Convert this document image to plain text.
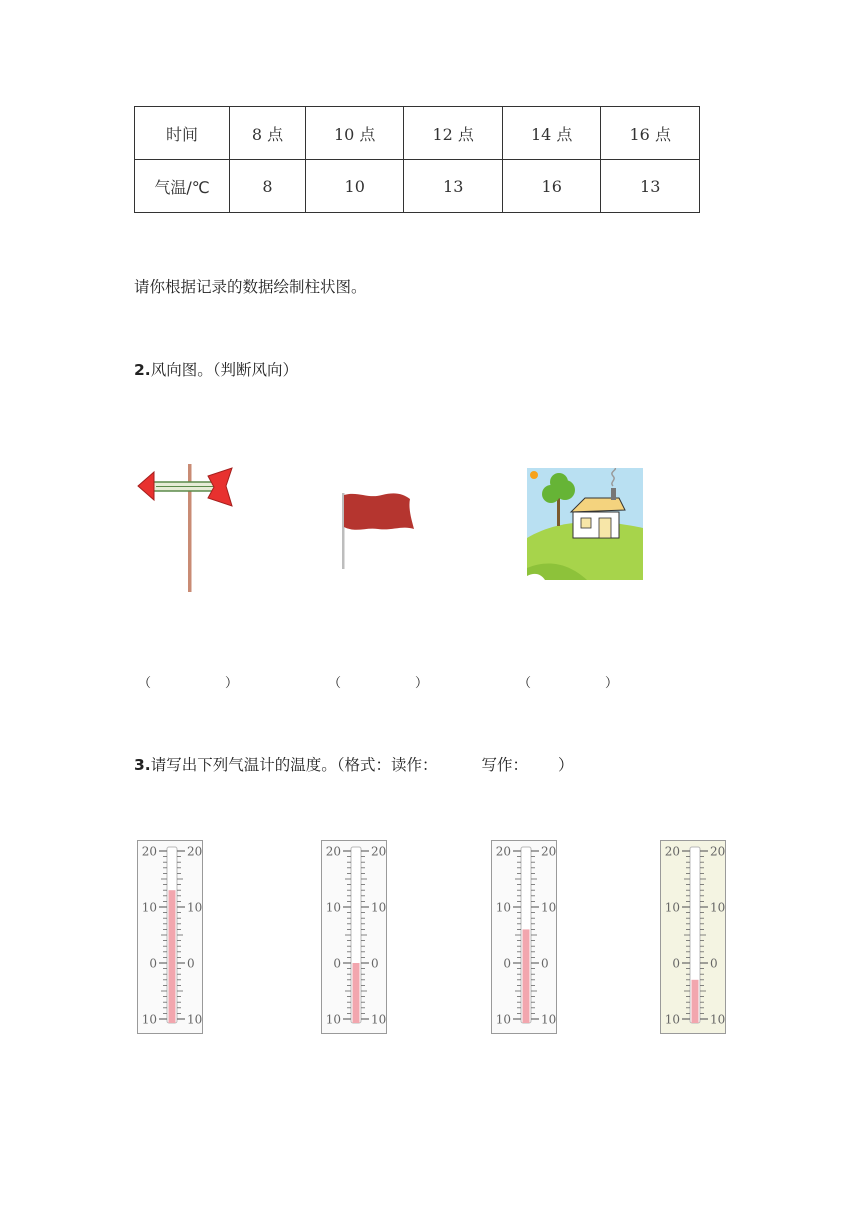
时间	8 点	10 点	12 点	14 点	16 点
气温/℃	8	10	13	16	13
请你根据记录的数据绘制柱状图。
2.风向图。（判断风向）
（	）	（	）	（	）
3.请写出下列气温计的温度。（格式：读作：	写作： ）
20	20
10	10
0	0
10	10
20	20
10	10
0	0
10	10
20	20
10	10
0	0
10	10
20	20
10	10
0	0
10	10
